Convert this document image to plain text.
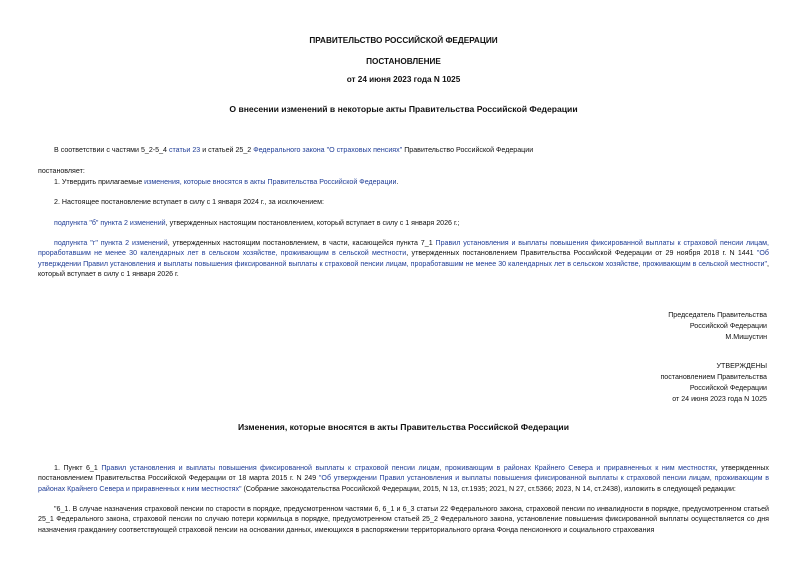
ПРАВИТЕЛЬСТВО РОССИЙСКОЙ ФЕДЕРАЦИИ

ПОСТАНОВЛЕНИЕ

от 24 июня 2023 года N 1025

О внесении изменений в некоторые акты Правительства Российской Федерации

В соответствии с частями 5_2-5_4 статьи 23 и статьей 25_2 Федерального закона "О страховых пенсиях" Правительство Российской Федерации

постановляет:

1. Утвердить прилагаемые изменения, которые вносятся в акты Правительства Российской Федерации.

2. Настоящее постановление вступает в силу с 1 января 2024 г., за исключением:

подпункта "б" пункта 2 изменений, утвержденных настоящим постановлением, который вступает в силу с 1 января 2026 г.;

подпункта "г" пункта 2 изменений, утвержденных настоящим постановлением, в части, касающейся пункта 7_1 Правил установления и выплаты повышения фиксированной выплаты к страховой пенсии лицам, проработавшим не менее 30 календарных лет в сельском хозяйстве, проживающим в сельской местности, утвержденных постановлением Правительства Российской Федерации от 29 ноября 2018 г. N 1441 "Об утверждении Правил установления и выплаты повышения фиксированной выплаты к страховой пенсии лицам, проработавшим не менее 30 календарных лет в сельском хозяйстве, проживающим в сельской местности", который вступает в силу с 1 января 2026 г.

Председатель Правительства
Российской Федерации
М.Мишустин
УТВЕРЖДЕНЫ
постановлением Правительства
Российской Федерации
от 24 июня 2023 года N 1025

Изменения, которые вносятся в акты Правительства Российской Федерации

1. Пункт 6_1 Правил установления и выплаты повышения фиксированной выплаты к страховой пенсии лицам, проживающим в районах Крайнего Севера и приравненных к ним местностях, утвержденных постановлением Правительства Российской Федерации от 18 марта 2015 г. N 249 "Об утверждении Правил установления и выплаты повышения фиксированной выплаты к страховой пенсии лицам, проживающим в районах Крайнего Севера и приравненных к ним местностях" (Собрание законодательства Российской Федерации, 2015, N 13, ст.1935; 2021, N 27, ст.5366; 2023, N 14, ст.2438), изложить в следующей редакции:

"6_1. В случае назначения страховой пенсии по старости в порядке, предусмотренном частями 6, 6_1 и 6_3 статьи 22 Федерального закона, страховой пенсии по инвалидности в порядке, предусмотренном статьей 25_1 Федерального закона, страховой пенсии по случаю потери кормильца в порядке, предусмотренном статьей 25_2 Федерального закона, установление повышения фиксированной выплаты осуществляется со дня назначения гражданину соответствующей страховой пенсии на основании данных, имеющихся в распоряжении территориального органа Фонда пенсионного и социального страхования
